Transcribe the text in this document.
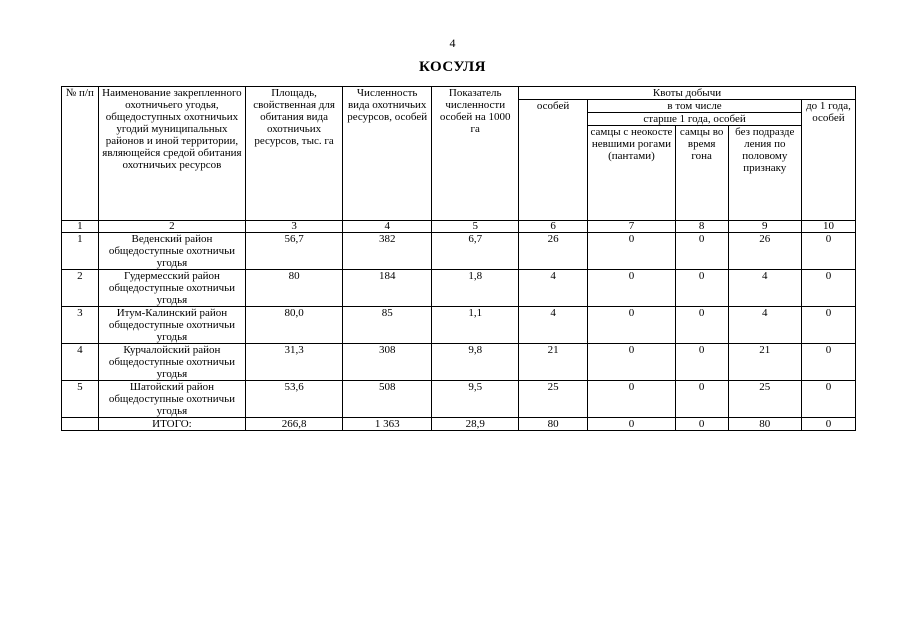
4
КОСУЛЯ
№ п/п	Наименование закрепленного охотничьего угодья, общедоступных охотничьих угодий муниципальных районов и иной территории, являющейся средой обитания охотничьих ресурсов	Площадь, свойственная для обитания вида охотничьих ресурсов, тыс. га	Численность вида охотничьих ресурсов, особей	Показатель численности особей на 1000 га	Квоты добычи				
					особей	в том числе			до 1 года, особей
						старше 1 года, особей			
						самцы с неокосте невшими рогами (пантами)	самцы во время гона	без подразде ления по половому признаку	
1	2	3	4	5	6	7	8	9	10
1	Веденский район общедоступные охотничьи угодья	56,7	382	6,7	26	0	0	26	0
2	Гудермесский район общедоступные охотничьи угодья	80	184	1,8	4	0	0	4	0
3	Итум-Калинский район общедоступные охотничьи угодья	80,0	85	1,1	4	0	0	4	0
4	Курчалойский район общедоступные охотничьи угодья	31,3	308	9,8	21	0	0	21	0
5	Шатойский район общедоступные охотничьи угодья	53,6	508	9,5	25	0	0	25	0
	ИТОГО:	266,8	1 363	28,9	80	0	0	80	0
